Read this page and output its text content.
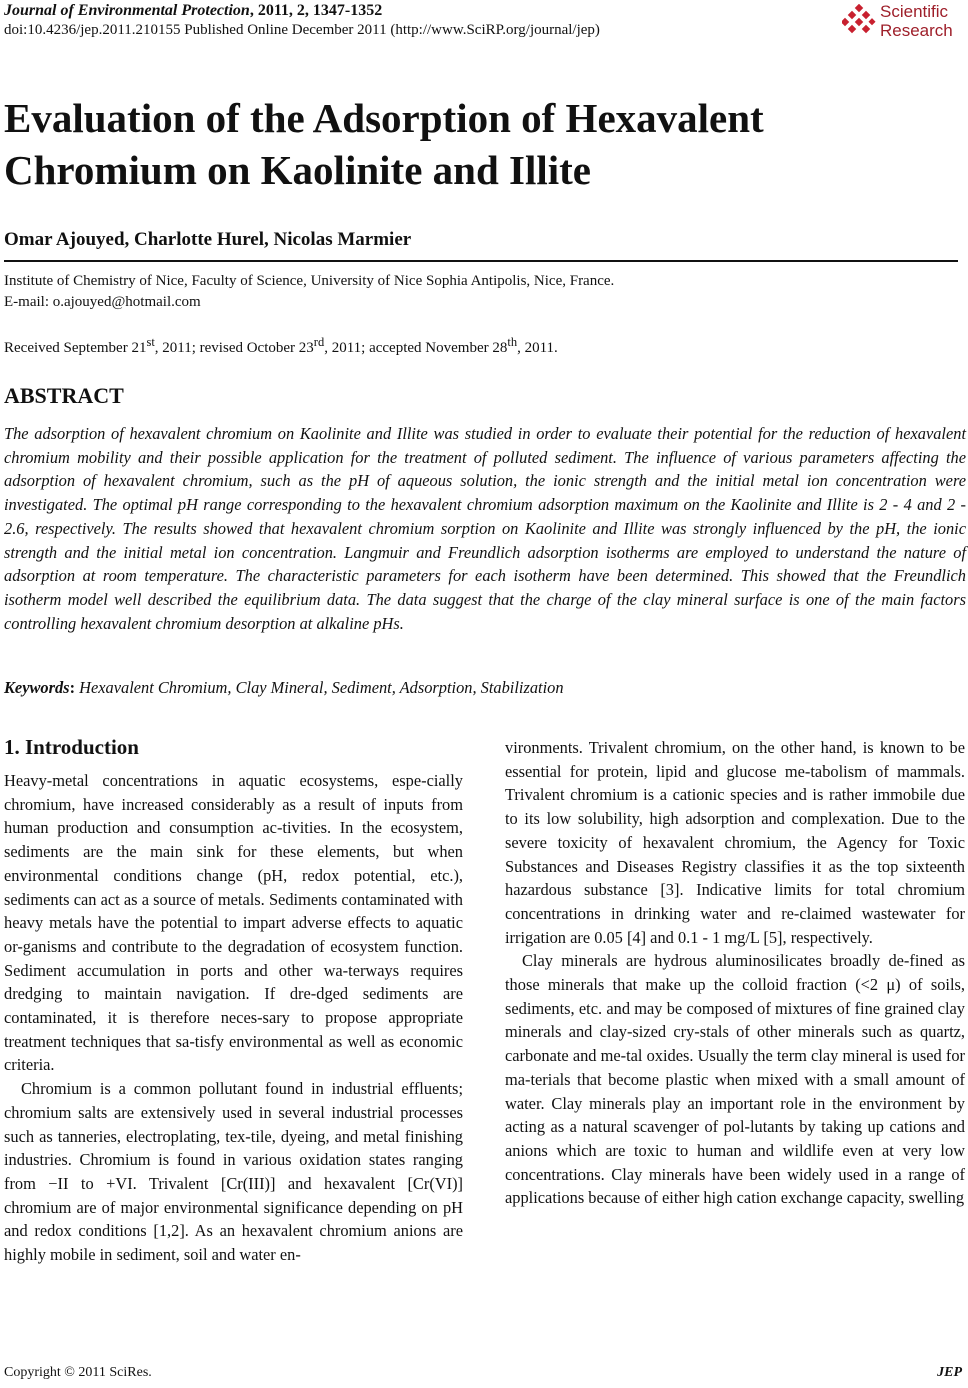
Journal of Environmental Protection, 2011, 2, 1347-1352
doi:10.4236/jep.2011.210155 Published Online December 2011 (http://www.SciRP.org/journal/jep)
Scientific
Research
Evaluation of the Adsorption of Hexavalent Chromium on Kaolinite and Illite
Omar Ajouyed, Charlotte Hurel, Nicolas Marmier
Institute of Chemistry of Nice, Faculty of Science, University of Nice Sophia Antipolis, Nice, France.
E-mail: o.ajouyed@hotmail.com
Received September 21st, 2011; revised October 23rd, 2011; accepted November 28th, 2011.
ABSTRACT

The adsorption of hexavalent chromium on Kaolinite and Illite was studied in order to evaluate their potential for the reduction of hexavalent chromium mobility and their possible application for the treatment of polluted sediment. The influence of various parameters affecting the adsorption of hexavalent chromium, such as the pH of aqueous solution, the ionic strength and the initial metal ion concentration were investigated. The optimal pH range corresponding to the hexavalent chromium adsorption maximum on the Kaolinite and Illite is 2 - 4 and 2 - 2.6, respectively. The results showed that hexavalent chromium sorption on Kaolinite and Illite was strongly influenced by the pH, the ionic strength and the initial metal ion concentration. Langmuir and Freundlich adsorption isotherms are employed to understand the nature of adsorption at room temperature. The characteristic parameters for each isotherm have been determined. This showed that the Freundlich isotherm model well described the equilibrium data. The data suggest that the charge of the clay mineral surface is one of the main factors controlling hexavalent chromium desorption at alkaline pHs.

Keywords: Hexavalent Chromium, Clay Mineral, Sediment, Adsorption, Stabilization
1. Introduction

Heavy-metal concentrations in aquatic ecosystems, espe-cially chromium, have increased considerably as a result of inputs from human production and consumption ac-tivities. In the ecosystem, sediments are the main sink for these elements, but when environmental conditions change (pH, redox potential, etc.), sediments can act as a source of metals. Sediments contaminated with heavy metals have the potential to impart adverse effects to aquatic or-ganisms and contribute to the degradation of ecosystem function. Sediment accumulation in ports and other wa-terways requires dredging to maintain navigation. If dre-dged sediments are contaminated, it is therefore neces-sary to propose appropriate treatment techniques that sa-tisfy environmental as well as economic criteria.

Chromium is a common pollutant found in industrial effluents; chromium salts are extensively used in several industrial processes such as tanneries, electroplating, tex-tile, dyeing, and metal finishing industries. Chromium is found in various oxidation states ranging from −II to +VI. Trivalent [Cr(III)] and hexavalent [Cr(VI)] chromium are of major environmental significance depending on pH and redox conditions [1,2]. As an hexavalent chromium anions are highly mobile in sediment, soil and water en-

vironments. Trivalent chromium, on the other hand, is known to be essential for protein, lipid and glucose me-tabolism of mammals. Trivalent chromium is a cationic species and is rather immobile due to its low solubility, high adsorption and complexation. Due to the severe toxicity of hexavalent chromium, the Agency for Toxic Substances and Diseases Registry classifies it as the top sixteenth hazardous substance [3]. Indicative limits for total chromium concentrations in drinking water and re-claimed wastewater for irrigation are 0.05 [4] and 0.1 - 1 mg/L [5], respectively.

Clay minerals are hydrous aluminosilicates broadly de-fined as those minerals that make up the colloid fraction (<2 μ) of soils, sediments, etc. and may be composed of mixtures of fine grained clay minerals and clay-sized cry-stals of other minerals such as quartz, carbonate and me-tal oxides. Usually the term clay mineral is used for ma-terials that become plastic when mixed with a small amount of water. Clay minerals play an important role in the environment by acting as a natural scavenger of pol-lutants by taking up cations and anions which are toxic to human and wildlife even at very low concentrations. Clay minerals have been widely used in a range of applications because of either high cation exchange capacity, swelling

Copyright © 2011 SciRes.	JEP
